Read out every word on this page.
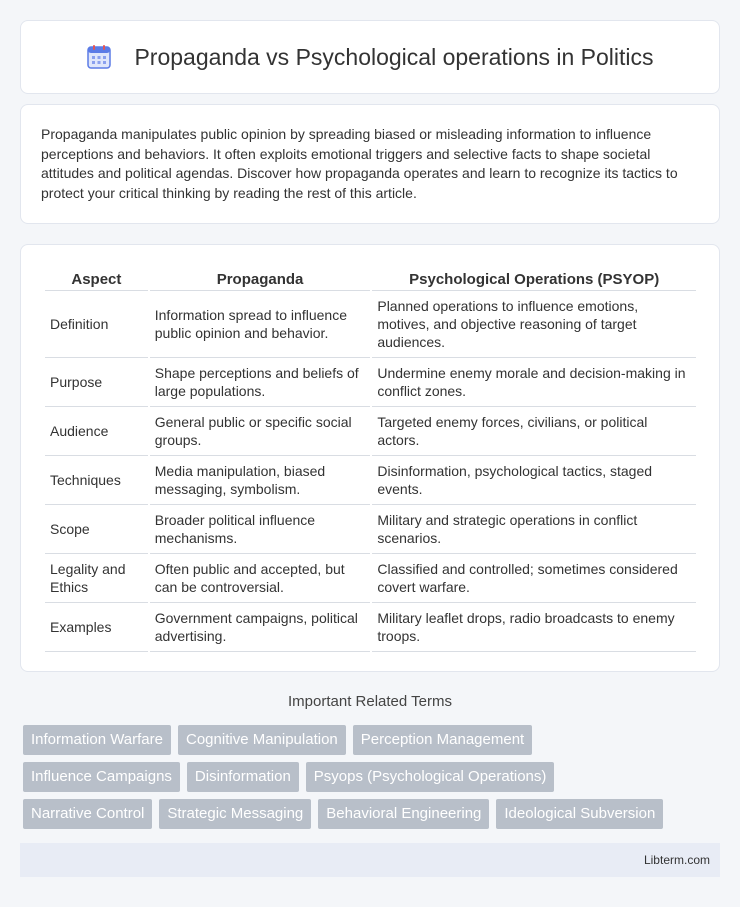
Propaganda vs Psychological operations in Politics

Propaganda manipulates public opinion by spreading biased or misleading information to influence perceptions and behaviors. It often exploits emotional triggers and selective facts to shape societal attitudes and political agendas. Discover how propaganda operates and learn to recognize its tactics to protect your critical thinking by reading the rest of this article.

Aspect	Propaganda	Psychological Operations (PSYOP)
Definition	Information spread to influence public opinion and behavior.	Planned operations to influence emotions, motives, and objective reasoning of target audiences.
Purpose	Shape perceptions and beliefs of large populations.	Undermine enemy morale and decision-making in conflict zones.
Audience	General public or specific social groups.	Targeted enemy forces, civilians, or political actors.
Techniques	Media manipulation, biased messaging, symbolism.	Disinformation, psychological tactics, staged events.
Scope	Broader political influence mechanisms.	Military and strategic operations in conflict scenarios.
Legality and Ethics	Often public and accepted, but can be controversial.	Classified and controlled; sometimes considered covert warfare.
Examples	Government campaigns, political advertising.	Military leaflet drops, radio broadcasts to enemy troops.
Important Related Terms
Information Warfare	Cognitive Manipulation	Perception Management
Influence Campaigns	Disinformation	Psyops (Psychological Operations)
Narrative Control	Strategic Messaging	Behavioral Engineering	Ideological Subversion
Libterm.com
